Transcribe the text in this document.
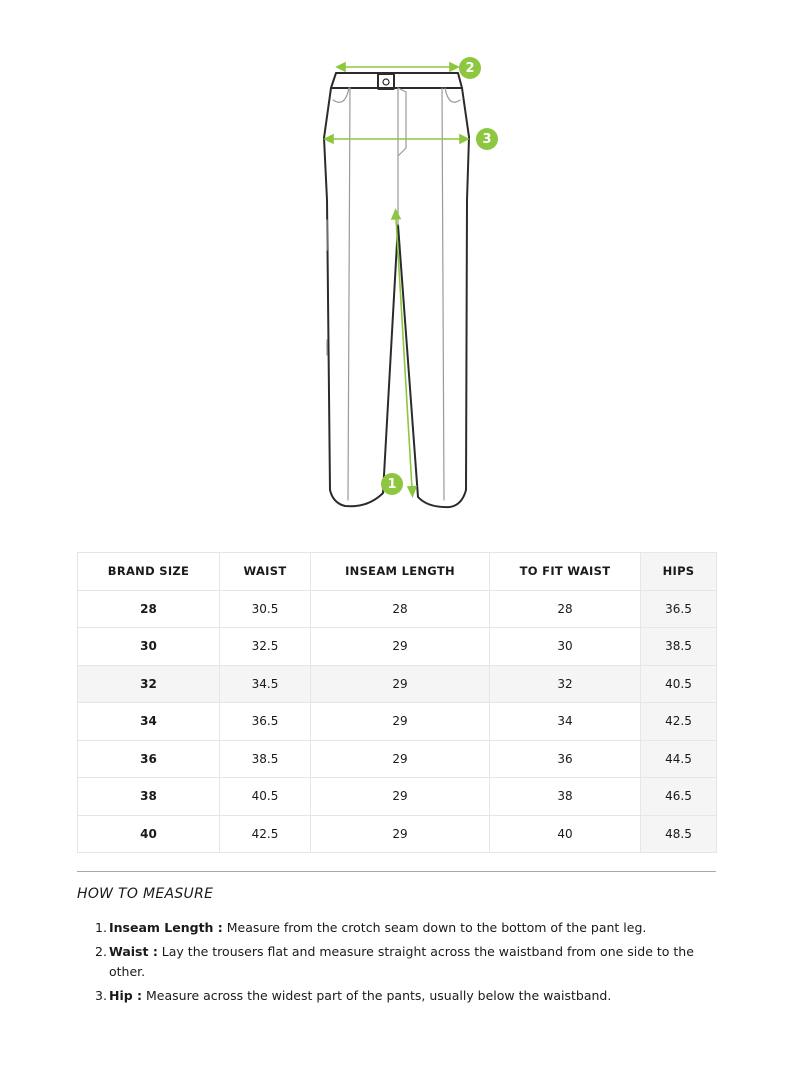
2
3
1
BRAND SIZE	WAIST	INSEAM LENGTH	TO FIT WAIST	HIPS
28	30.5	28	28	36.5
30	32.5	29	30	38.5
32	34.5	29	32	40.5
34	36.5	29	34	42.5
36	38.5	29	36	44.5
38	40.5	29	38	46.5
40	42.5	29	40	48.5
HOW TO MEASURE
1. Inseam Length : Measure from the crotch seam down to the bottom of the pant leg.
2. Waist : Lay the trousers flat and measure straight across the waistband from one side to the other.
3. Hip : Measure across the widest part of the pants, usually below the waistband.
